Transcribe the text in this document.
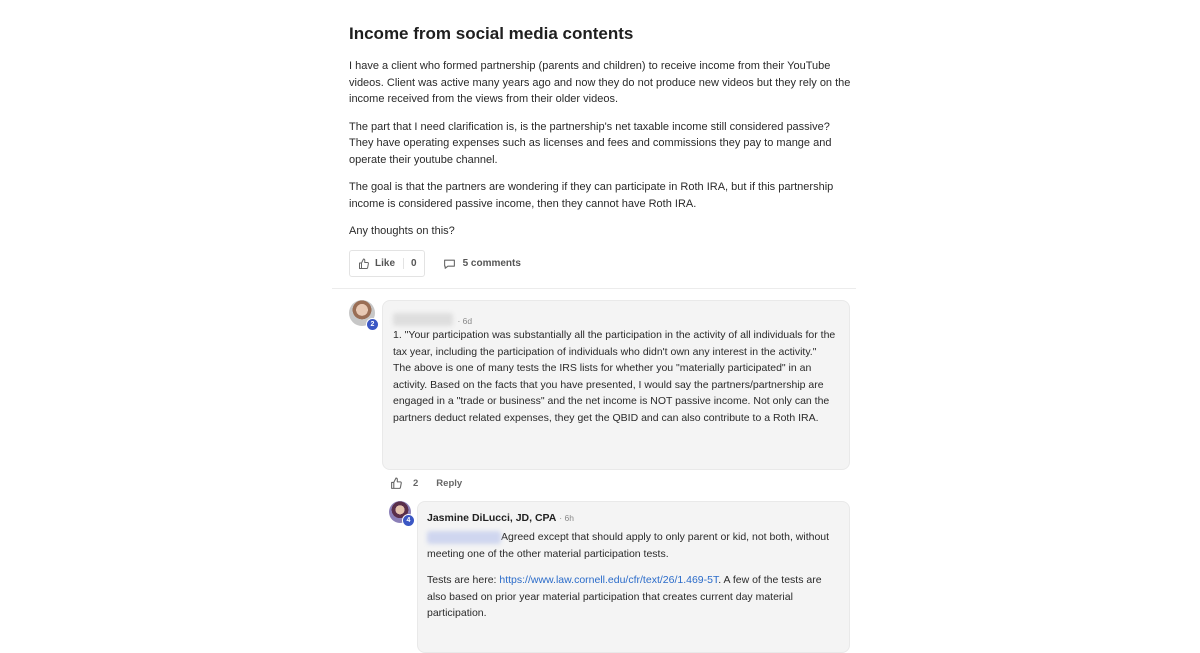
Income from social media contents

I have a client who formed partnership (parents and children) to receive income from their YouTube videos. Client was active many years ago and now they do not produce new videos but they rely on the income received from the views from their older videos.

The part that I need clarification is, is the partnership's net taxable income still considered passive? They have operating expenses such as licenses and fees and commissions they pay to mange and operate their youtube channel.

The goal is that the partners are wondering if they can participate in Roth IRA, but if this partnership income is considered passive income, then they cannot have Roth IRA.

Any thoughts on this?

Like	0	5 comments
2	· 6d
1. "Your participation was substantially all the participation in the activity of all individuals for the tax year, including the participation of individuals who didn't own any interest in the activity."
The above is one of many tests the IRS lists for whether you "materially participated" in an activity. Based on the facts that you have presented, I would say the partners/partnership are engaged in a "trade or business" and the net income is NOT passive income. Not only can the partners deduct related expenses, they get the QBID and can also contribute to a Roth IRA.
2 Reply
4	Jasmine DiLucci, JD, CPA · 6h
Agreed except that should apply to only parent or kid, not both, without meeting one of the other material participation tests.
Tests are here: https://www.law.cornell.edu/cfr/text/26/1.469-5T. A few of the tests are also based on prior year material participation that creates current day material participation.
